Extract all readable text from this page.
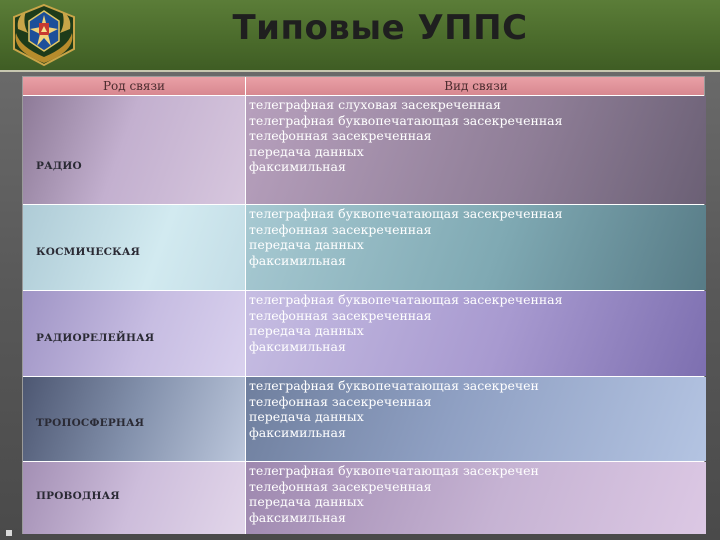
Типовые УППС
Род связи	Вид связи
РАДИО
телеграфная слуховая засекреченная
телеграфная буквопечатающая засекреченная
телефонная засекреченная
передача данных
факсимильная
КОСМИЧЕСКАЯ
телеграфная буквопечатающая засекреченная
телефонная засекреченная
передача данных
факсимильная
РАДИОРЕЛЕЙНАЯ
телеграфная буквопечатающая засекреченная
телефонная засекреченная
передача данных
факсимильная
ТРОПОСФЕРНАЯ
телеграфная буквопечатающая засекречен
телефонная засекреченная
передача данных
факсимильная
ПРОВОДНАЯ
телеграфная буквопечатающая засекречен
телефонная засекреченная
передача данных
факсимильная
